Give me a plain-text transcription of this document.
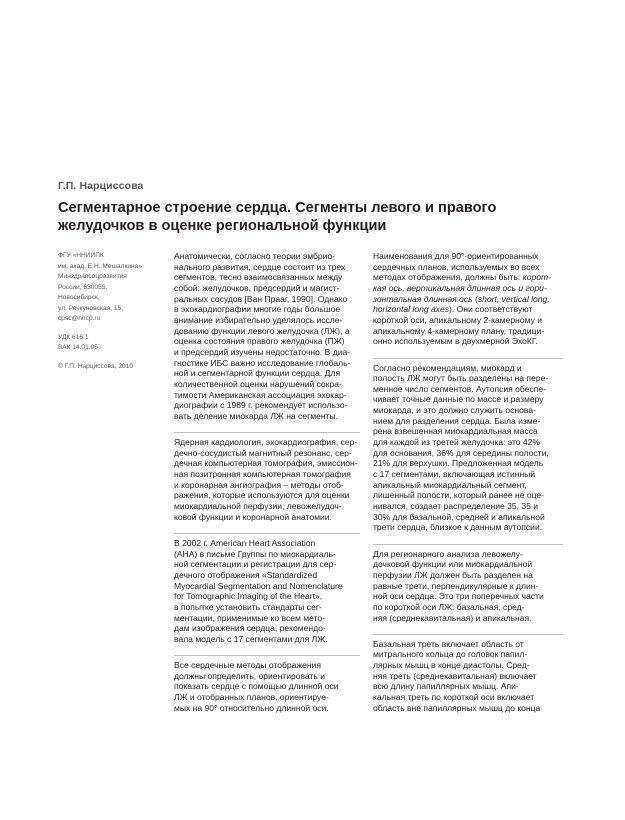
Г.П. Нарциссова
Сегментарное строение сердца. Сегменты левого и правого
желудочков в оценке региональной функции
ФГУ «ННИИПК
им. акад. Е.Н. Мешалкина»
Минздравсоцразвития
России, 630055,
Новосибирск,
ул. Речкуновская, 15,
cpsc@nricp.ru
УДК 616.1
ВАК 14.01.05
© Г.П. Нарциссова, 2010
Анатомически, согласно теории эмбрио-
нального развития, сердце состоит из трех
сегментов, тесно взаимосвязанных между
собой: желудочков, предсердий и магист-
ральных сосудов [Ван Прааг, 1990]. Однако
в эхокардиографии многие годы большое
внимание избирательно уделялось иссле-
дованию функции левого желудочка (ЛЖ), а
оценка состояния правого желудочка (ПЖ)
и предсердий изучены недостаточно. В диа-
гностике ИБС важно исследование глобаль-
ной и сегментарной функции сердца. Для
количественной оценки нарушений сокра-
тимости Американская ассоциация эхокар-
диографии с 1989 г. рекомендует использо-
вать деление миокарда ЛЖ на сегменты.
Ядерная кардиология, эхокардиография, сер-
дечно-сосудистый магнитный резонанс, сер-
дечная компьютерная томография, эмиссион-
ная позитронная компьютерная томография
и коронарная ангиография – методы отоб-
ражения, которые используются для оценки
миокардиальной перфузии, левожелудоч-
ковой функции и коронарной анатомии.
В 2002 г. American Heart Association
(АНА) в письме Группы по миокардиаль-
ной сегментации и регистрации для сер-
дечного отображения «Standardized
Myocardial Segmentation and Nomenclature
for Tomographic Imaging of the Heart»,
в попытке установить стандарты сег-
ментации, применимые ко всем мето-
дам изображения сердца, рекомендо-
вала модель с 17 сегментами для ЛЖ.
Все сердечные методы отображения
должны определить, ориентировать и
показать сердце с помощью длинной оси
ЛЖ и отобранных планов, ориентируе-
мых на 90° относительно длинной оси.
Наименования для 90°-ориентированных
сердечных планов, используемых во всех
методах отображения, должны быть: корот-
кая ось, вертикальная длинная ось и гори-
зонтальная длинная ось (short, vertical long,
horizontal long axes). Они соответствуют
короткой оси, апикальному 2-камерному и
апикальному 4-камерному плану, традици-
онно используемым в двухмерной ЭхоКГ.
Согласно рекомендациям, миокард и
полость ЛЖ могут быть разделены на пере-
менное число сегментов. Аутопсия обеспе-
чивает точные данные по массе и размеру
миокарда, и это должно служить основа-
нием для разделения сердца. Была изме-
рена взвешенная миокардиальная масса
для каждой из третей желудочка: это 42%
для основания, 36% для середины полости,
21% для верхушки. Предложенная модель
с 17 сегментами, включающая истинный
апикальный миокардиальный сегмент,
лишенный полости, который ранее не оце-
нивался, создает распределение 35, 35 и
30% для базальной, средней и апикальной
трети сердца, близкое к данным аутопсии.
Для регионарного анализа левожелу-
дочковой функции или миокардиальной
перфузии ЛЖ должен быть разделен на
равные трети, перпендикулярные к длин-
ной оси сердца. Это три поперечных части
по короткой оси ЛЖ: базальная, сред-
няя (среднекавитальная) и апикальная.
Базальная треть включает область от
митрального кольца до головок папил-
лярных мышц в конце диастолы. Сред-
няя треть (среднекавитальная) включает
всю длину папиллярных мышц. Апи-
кальная треть по короткой оси включает
область вне папиллярных мышц до конца
